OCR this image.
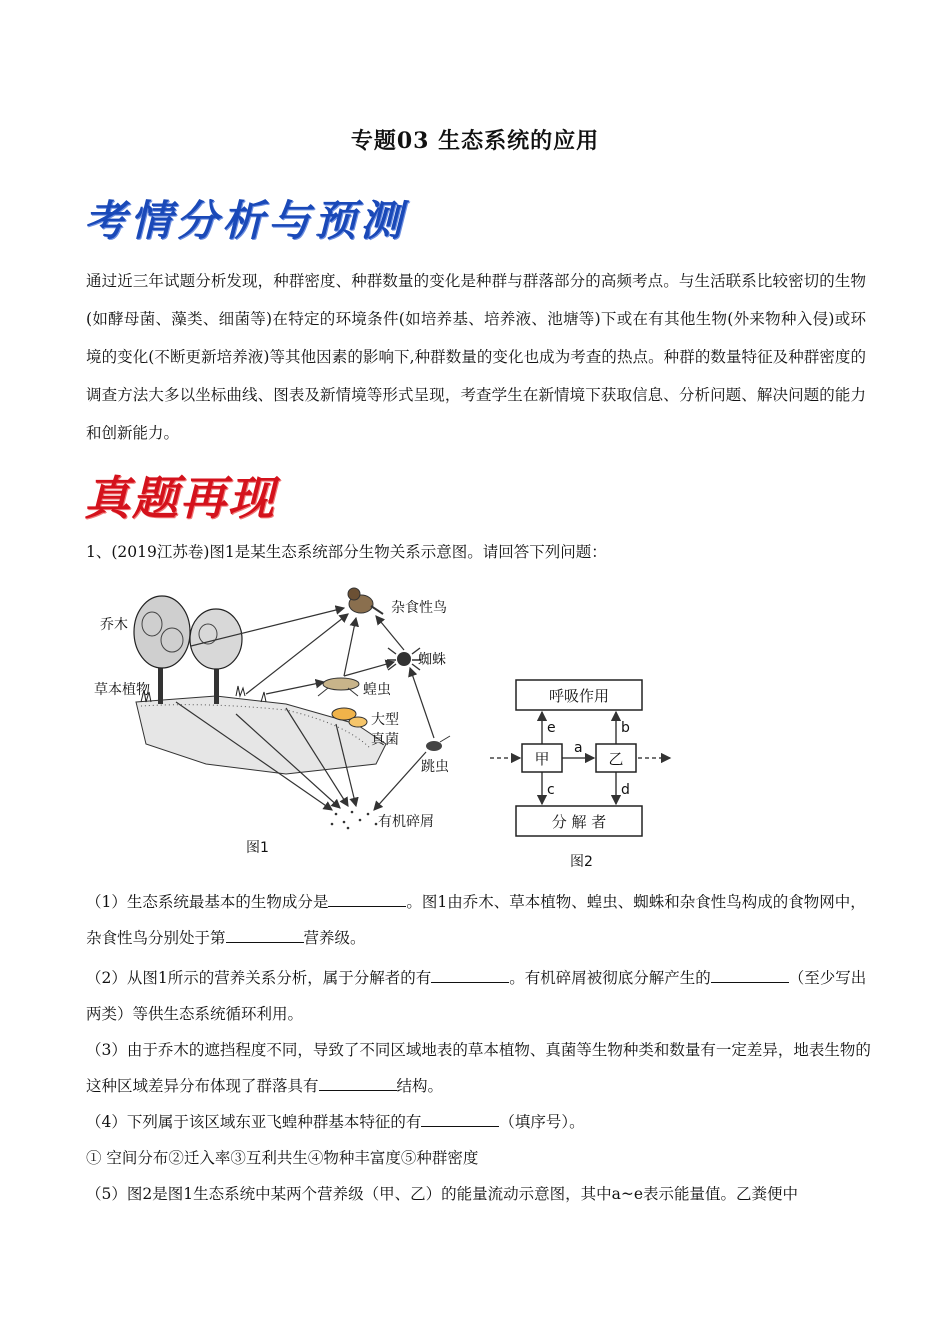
专题03 生态系统的应用
考情分析与预测
通过近三年试题分析发现，种群密度、种群数量的变化是种群与群落部分的高频考点。与生活联系比较密切的生物(如酵母菌、藻类、细菌等)在特定的环境条件(如培养基、培养液、池塘等)下或在有其他生物(外来物种入侵)或环境的变化(不断更新培养液)等其他因素的影响下,种群数量的变化也成为考查的热点。种群的数量特征及种群密度的调查方法大多以坐标曲线、图表及新情境等形式呈现，考查学生在新情境下获取信息、分析问题、解决问题的能力和创新能力。
真题再现
1、(2019江苏卷)图1是某生态系统部分生物关系示意图。请回答下列问题：
乔木
草本植物
杂食性鸟
蜘蛛
蝗虫
大型
真菌
跳虫
有机碎屑
图1
呼吸作用
甲	乙
分 解 者
a
b
c	d
e
图2
（1）生态系统最基本的生物成分是	。图1由乔木、草本植物、蝗虫、蜘蛛和杂食性鸟构成的食物网中，杂食性鸟分别处于第	营养级。
（2）从图1所示的营养关系分析，属于分解者的有	。有机碎屑被彻底分解产生的	（至少写出两类）等供生态系统循环利用。
（3）由于乔木的遮挡程度不同，导致了不同区域地表的草本植物、真菌等生物种类和数量有一定差异，地表生物的这种区域差异分布体现了群落具有	结构。
（4）下列属于该区域东亚飞蝗种群基本特征的有	（填序号）。
① 空间分布②迁入率③互利共生④物种丰富度⑤种群密度
（5）图2是图1生态系统中某两个营养级（甲、乙）的能量流动示意图，其中a~e表示能量值。乙粪便中
